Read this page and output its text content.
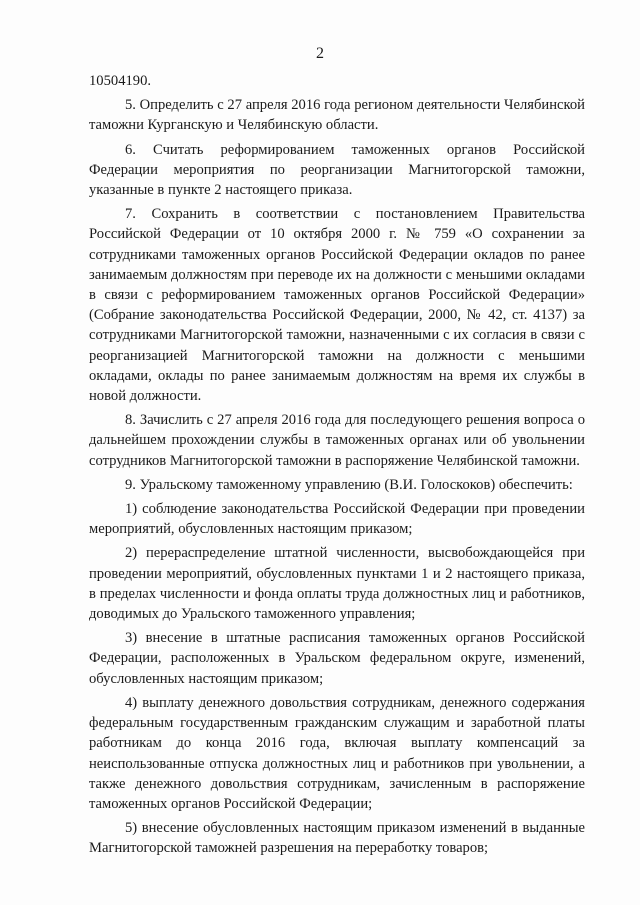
2

10504190.

5. Определить с 27 апреля 2016 года регионом деятельности Челябинской таможни Курганскую и Челябинскую области.

6. Считать реформированием таможенных органов Российской Федерации мероприятия по реорганизации Магнитогорской таможни, указанные в пункте 2 настоящего приказа.

7. Сохранить в соответствии с постановлением Правительства Российской Федерации от 10 октября 2000 г. № 759 «О сохранении за сотрудниками таможенных органов Российской Федерации окладов по ранее занимаемым должностям при переводе их на должности с меньшими окладами в связи с реформированием таможенных органов Российской Федерации» (Собрание законодательства Российской Федерации, 2000, № 42, ст. 4137) за сотрудниками Магнитогорской таможни, назначенными с их согласия в связи с реорганизацией Магнитогорской таможни на должности с меньшими окладами, оклады по ранее занимаемым должностям на время их службы в новой должности.

8. Зачислить с 27 апреля 2016 года для последующего решения вопроса о дальнейшем прохождении службы в таможенных органах или об увольнении сотрудников Магнитогорской таможни в распоряжение Челябинской таможни.

9. Уральскому таможенному управлению (В.И. Голоскоков) обеспечить:

1) соблюдение законодательства Российской Федерации при проведении мероприятий, обусловленных настоящим приказом;

2) перераспределение штатной численности, высвобождающейся при проведении мероприятий, обусловленных пунктами 1 и 2 настоящего приказа, в пределах численности и фонда оплаты труда должностных лиц и работников, доводимых до Уральского таможенного управления;

3) внесение в штатные расписания таможенных органов Российской Федерации, расположенных в Уральском федеральном округе, изменений, обусловленных настоящим приказом;

4) выплату денежного довольствия сотрудникам, денежного содержания федеральным государственным гражданским служащим и заработной платы работникам до конца 2016 года, включая выплату компенсаций за неиспользованные отпуска должностных лиц и работников при увольнении, а также денежного довольствия сотрудникам, зачисленным в распоряжение таможенных органов Российской Федерации;

5) внесение обусловленных настоящим приказом изменений в выданные Магнитогорской таможней разрешения на переработку товаров;
